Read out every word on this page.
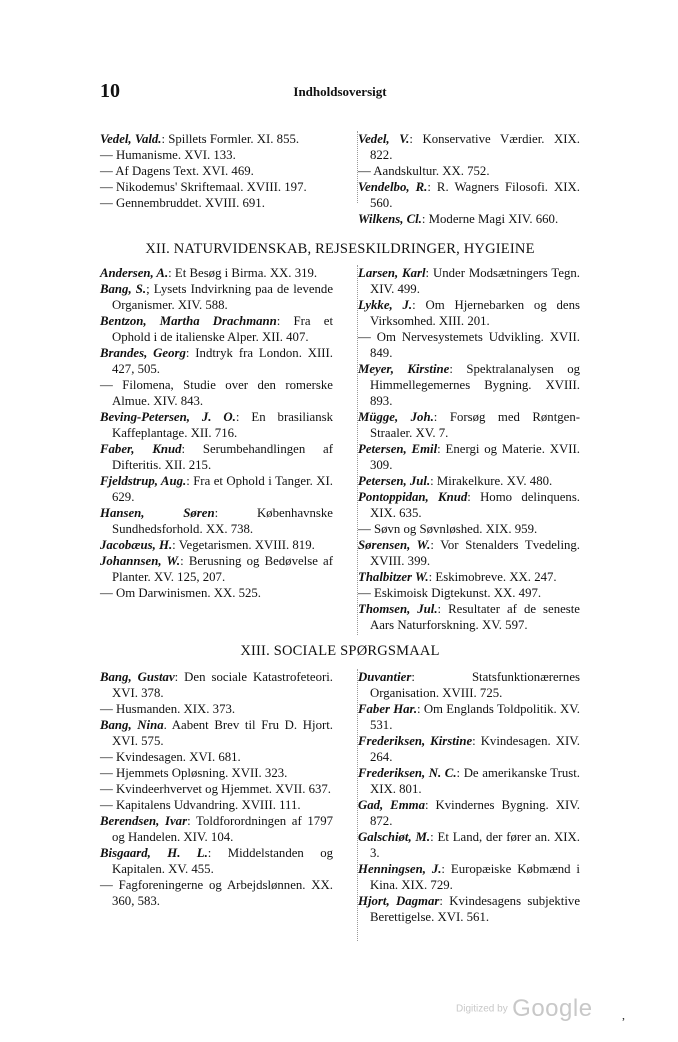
10	Indholdsoversigt
Vedel, Vald.: Spillets Formler. XI. 855.
— Humanisme. XVI. 133.
— Af Dagens Text. XVI. 469.
— Nikodemus' Skriftemaal. XVIII. 197.
— Gennembruddet. XVIII. 691.
Vedel, V.: Konservative Værdier. XIX. 822.
— Aandskultur. XX. 752.
Vendelbo, R.: R. Wagners Filosofi. XIX. 560.
Wilkens, Cl.: Moderne Magi XIV. 660.
XII. NATURVIDENSKAB, REJSESKILDRINGER, HYGIEINE
Andersen, A.: Et Besøg i Birma. XX. 319.
Bang, S.; Lysets Indvirkning paa de levende Organismer. XIV. 588.
Bentzon, Martha Drachmann: Fra et Ophold i de italienske Alper. XII. 407.
Brandes, Georg: Indtryk fra London. XIII. 427, 505.
— Filomena, Studie over den romerske Almue. XIV. 843.
Beving-Petersen, J. O.: En brasiliansk Kaffeplantage. XII. 716.
Faber, Knud: Serumbehandlingen af Difteritis. XII. 215.
Fjeldstrup, Aug.: Fra et Ophold i Tanger. XI. 629.
Hansen, Søren: Københavnske Sundhedsforhold. XX. 738.
Jacobæus, H.: Vegetarismen. XVIII. 819.
Johannsen, W.: Berusning og Bedøvelse af Planter. XV. 125, 207.
— Om Darwinismen. XX. 525.
Larsen, Karl: Under Modsætningers Tegn. XIV. 499.
Lykke, J.: Om Hjernebarken og dens Virksomhed. XIII. 201.
— Om Nervesystemets Udvikling. XVII. 849.
Meyer, Kirstine: Spektralanalysen og Himmellegemernes Bygning. XVIII. 893.
Mügge, Joh.: Forsøg med Røntgen-Straaler. XV. 7.
Petersen, Emil: Energi og Materie. XVII. 309.
Petersen, Jul.: Mirakelkure. XV. 480.
Pontoppidan, Knud: Homo delinquens. XIX. 635.
— Søvn og Søvnløshed. XIX. 959.
Sørensen, W.: Vor Stenalders Tvedeling. XVIII. 399.
Thalbitzer W.: Eskimobreve. XX. 247.
— Eskimoisk Digtekunst. XX. 497.
Thomsen, Jul.: Resultater af de seneste Aars Naturforskning. XV. 597.
XIII. SOCIALE SPØRGSMAAL
Bang, Gustav: Den sociale Katastrofeteori. XVI. 378.
— Husmanden. XIX. 373.
Bang, Nina. Aabent Brev til Fru D. Hjort. XVI. 575.
— Kvindesagen. XVI. 681.
— Hjemmets Opløsning. XVII. 323.
— Kvindeerhvervet og Hjemmet. XVII. 637.
— Kapitalens Udvandring. XVIII. 111.
Berendsen, Ivar: Toldforordningen af 1797 og Handelen. XIV. 104.
Bisgaard, H. L.: Middelstanden og Kapitalen. XV. 455.
— Fagforeningerne og Arbejdslønnen. XX. 360, 583.
Duvantier: Statsfunktionærernes Organisation. XVIII. 725.
Faber Har.: Om Englands Toldpolitik. XV. 531.
Frederiksen, Kirstine: Kvindesagen. XIV. 264.
Frederiksen, N. C.: De amerikanske Trust. XIX. 801.
Gad, Emma: Kvindernes Bygning. XIV. 872.
Galschiøt, M.: Et Land, der fører an. XIX. 3.
Henningsen, J.: Europæiske Købmænd i Kina. XIX. 729.
Hjort, Dagmar: Kvindesagens subjektive Berettigelse. XVI. 561.
Digitized by Google ,
